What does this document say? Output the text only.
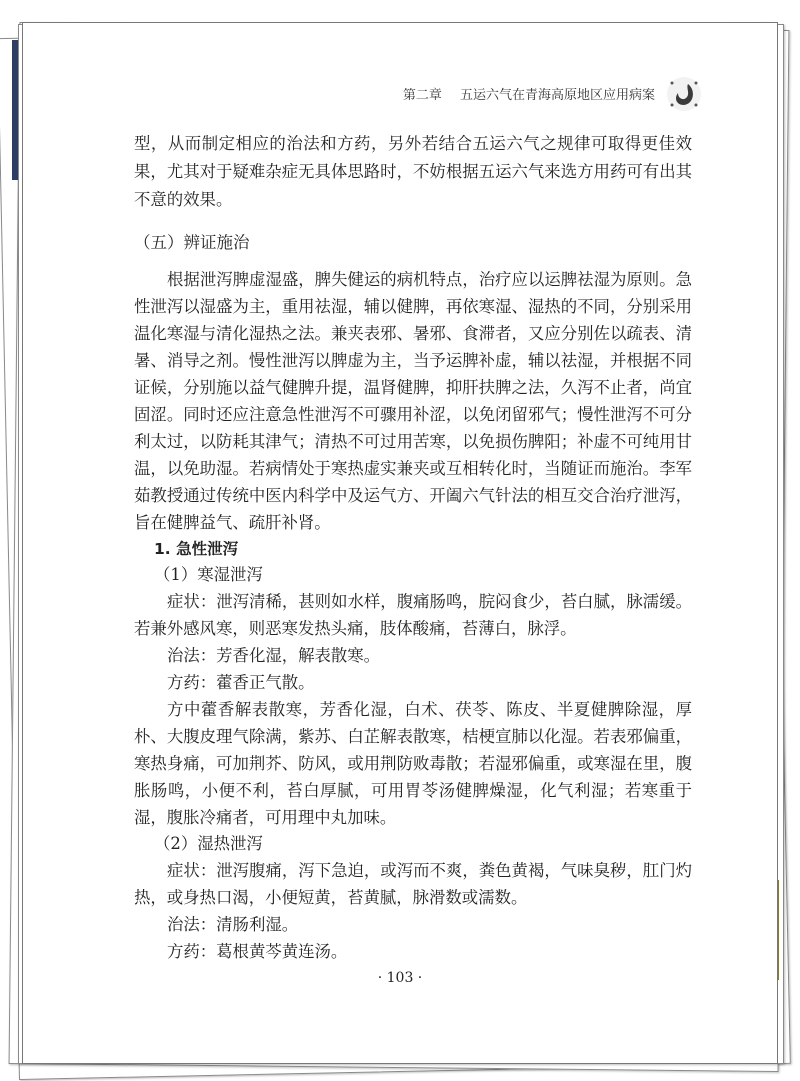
第二章 五运六气在青海高原地区应用病案
型，从而制定相应的治法和方药，另外若结合五运六气之规律可取得更佳效
果，尤其对于疑难杂症无具体思路时，不妨根据五运六气来选方用药可有出其
不意的效果。
（五）辨证施治
根据泄泻脾虚湿盛，脾失健运的病机特点，治疗应以运脾祛湿为原则。急
性泄泻以湿盛为主，重用祛湿，辅以健脾，再依寒湿、湿热的不同，分别采用
温化寒湿与清化湿热之法。兼夹表邪、暑邪、食滞者，又应分别佐以疏表、清
暑、消导之剂。慢性泄泻以脾虚为主，当予运脾补虚，辅以祛湿，并根据不同
证候，分别施以益气健脾升提，温肾健脾，抑肝扶脾之法，久泻不止者，尚宜
固涩。同时还应注意急性泄泻不可骤用补涩，以免闭留邪气；慢性泄泻不可分
利太过，以防耗其津气；清热不可过用苦寒，以免损伤脾阳；补虚不可纯用甘
温，以免助湿。若病情处于寒热虚实兼夹或互相转化时，当随证而施治。李军
茹教授通过传统中医内科学中及运气方、开阖六气针法的相互交合治疗泄泻，
旨在健脾益气、疏肝补肾。
1. 急性泄泻
（1）寒湿泄泻
症状：泄泻清稀，甚则如水样，腹痛肠鸣，脘闷食少，苔白腻，脉濡缓。
若兼外感风寒，则恶寒发热头痛，肢体酸痛，苔薄白，脉浮。
治法：芳香化湿，解表散寒。
方药：藿香正气散。
方中藿香解表散寒，芳香化湿，白术、茯苓、陈皮、半夏健脾除湿，厚
朴、大腹皮理气除满，紫苏、白芷解表散寒，桔梗宣肺以化湿。若表邪偏重，
寒热身痛，可加荆芥、防风，或用荆防败毒散；若湿邪偏重，或寒湿在里，腹
胀肠鸣，小便不利，苔白厚腻，可用胃苓汤健脾燥湿，化气利湿；若寒重于
湿，腹胀冷痛者，可用理中丸加味。
（2）湿热泄泻
症状：泄泻腹痛，泻下急迫，或泻而不爽，粪色黄褐，气味臭秽，肛门灼
热，或身热口渴，小便短黄，苔黄腻，脉滑数或濡数。
治法：清肠利湿。
方药：葛根黄芩黄连汤。
· 103 ·
